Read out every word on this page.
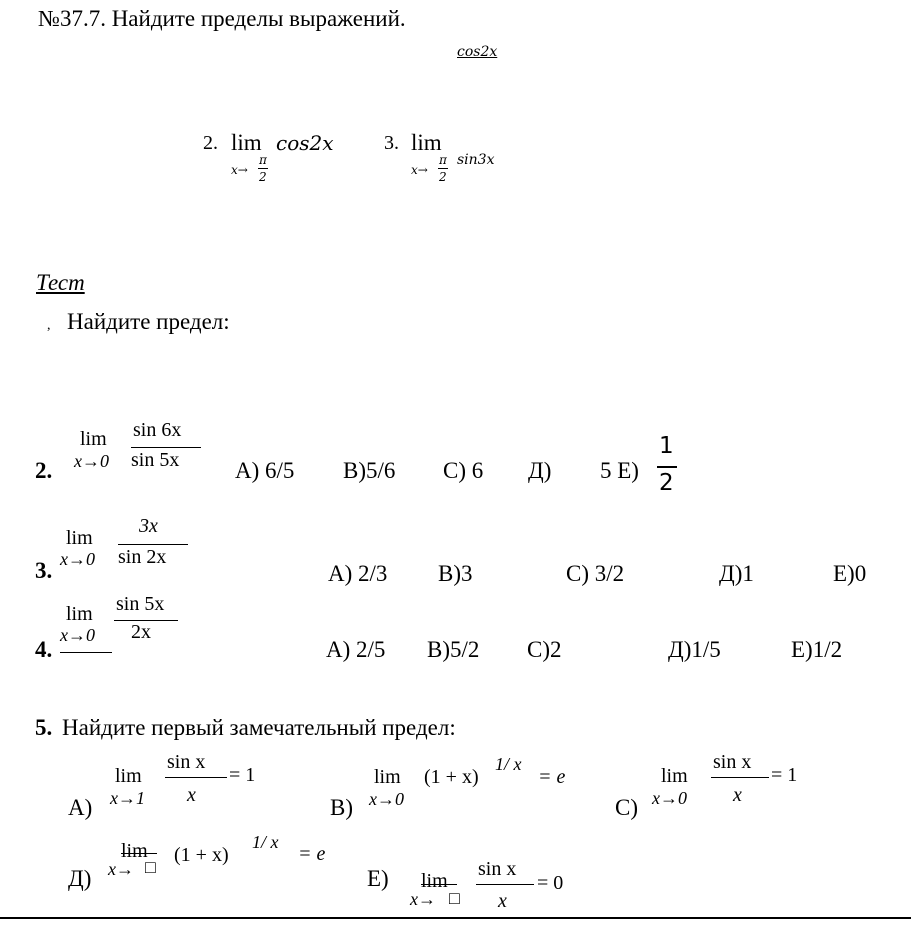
№37.7. Найдите пределы выражений.
cos2x
2. lim
x→
π
2
cos2x	3. lim
x→
π
2
sin3x
Тест
, Найдите предел:
2.
lim
x→0
sin 6x
sin 5x А) 6/5 В)5/6 С) 6 Д) 5 Е)
1
2
3.
lim
x→0
3x
sin 2x
А) 2/3 В)3	С) 3/2	Д)1	Е)0
4.
lim
x→0
sin 5x
2x
А) 2/5 В)5/2 С)2	Д)1/5	Е)1/2
5. Найдите первый замечательный предел:
А)
lim
x→1
sin x
x
= 1
В)
lim
x→0
(1 + x)
1/ x
= e
С)
lim
x→0
sin x
x
= 1
Д)
lim
x→ □
(1 + x)
1/ x
= e
Е) lim
x→ □
sin x
x
= 0
